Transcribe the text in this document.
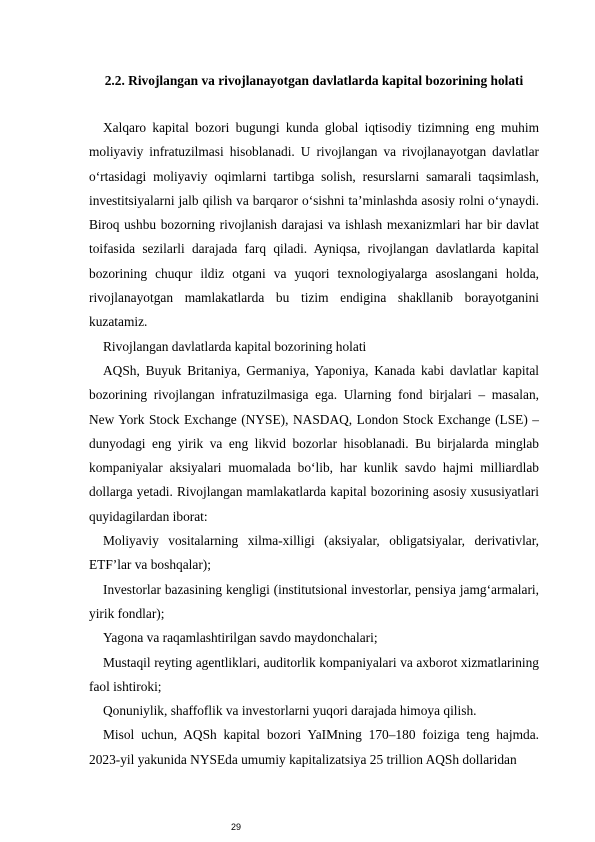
2.2. Rivojlangan va rivojlanayotgan davlatlarda kapital bozorining holati

Xalqaro kapital bozori bugungi kunda global iqtisodiy tizimning eng muhim moliyaviy infratuzilmasi hisoblanadi. U rivojlangan va rivojlanayotgan davlatlar o‘rtasidagi moliyaviy oqimlarni tartibga solish, resurslarni samarali taqsimlash, investitsiyalarni jalb qilish va barqaror o‘sishni ta’minlashda asosiy rolni o‘ynaydi. Biroq ushbu bozorning rivojlanish darajasi va ishlash mexanizmlari har bir davlat toifasida sezilarli darajada farq qiladi. Ayniqsa, rivojlangan davlatlarda kapital bozorining chuqur ildiz otgani va yuqori texnologiyalarga asoslangani holda, rivojlanayotgan mamlakatlarda bu tizim endigina shakllanib borayotganini kuzatamiz.

Rivojlangan davlatlarda kapital bozorining holati

AQSh, Buyuk Britaniya, Germaniya, Yaponiya, Kanada kabi davlatlar kapital bozorining rivojlangan infratuzilmasiga ega. Ularning fond birjalari – masalan, New York Stock Exchange (NYSE), NASDAQ, London Stock Exchange (LSE) – dunyodagi eng yirik va eng likvid bozorlar hisoblanadi. Bu birjalarda minglab kompaniyalar aksiyalari muomalada bo‘lib, har kunlik savdo hajmi milliardlab dollarga yetadi. Rivojlangan mamlakatlarda kapital bozorining asosiy xususiyatlari quyidagilardan iborat:

Moliyaviy vositalarning xilma-xilligi (aksiyalar, obligatsiyalar, derivativlar, ETF’lar va boshqalar);

Investorlar bazasining kengligi (institutsional investorlar, pensiya jamg‘armalari, yirik fondlar);

Yagona va raqamlashtirilgan savdo maydonchalari;

Mustaqil reyting agentliklari, auditorlik kompaniyalari va axborot xizmatlarining faol ishtiroki;

Qonuniylik, shaffoflik va investorlarni yuqori darajada himoya qilish.

Misol uchun, AQSh kapital bozori YaIMning 170–180 foiziga teng hajmda. 2023-yil yakunida NYSEda umumiy kapitalizatsiya 25 trillion AQSh dollaridan

29
